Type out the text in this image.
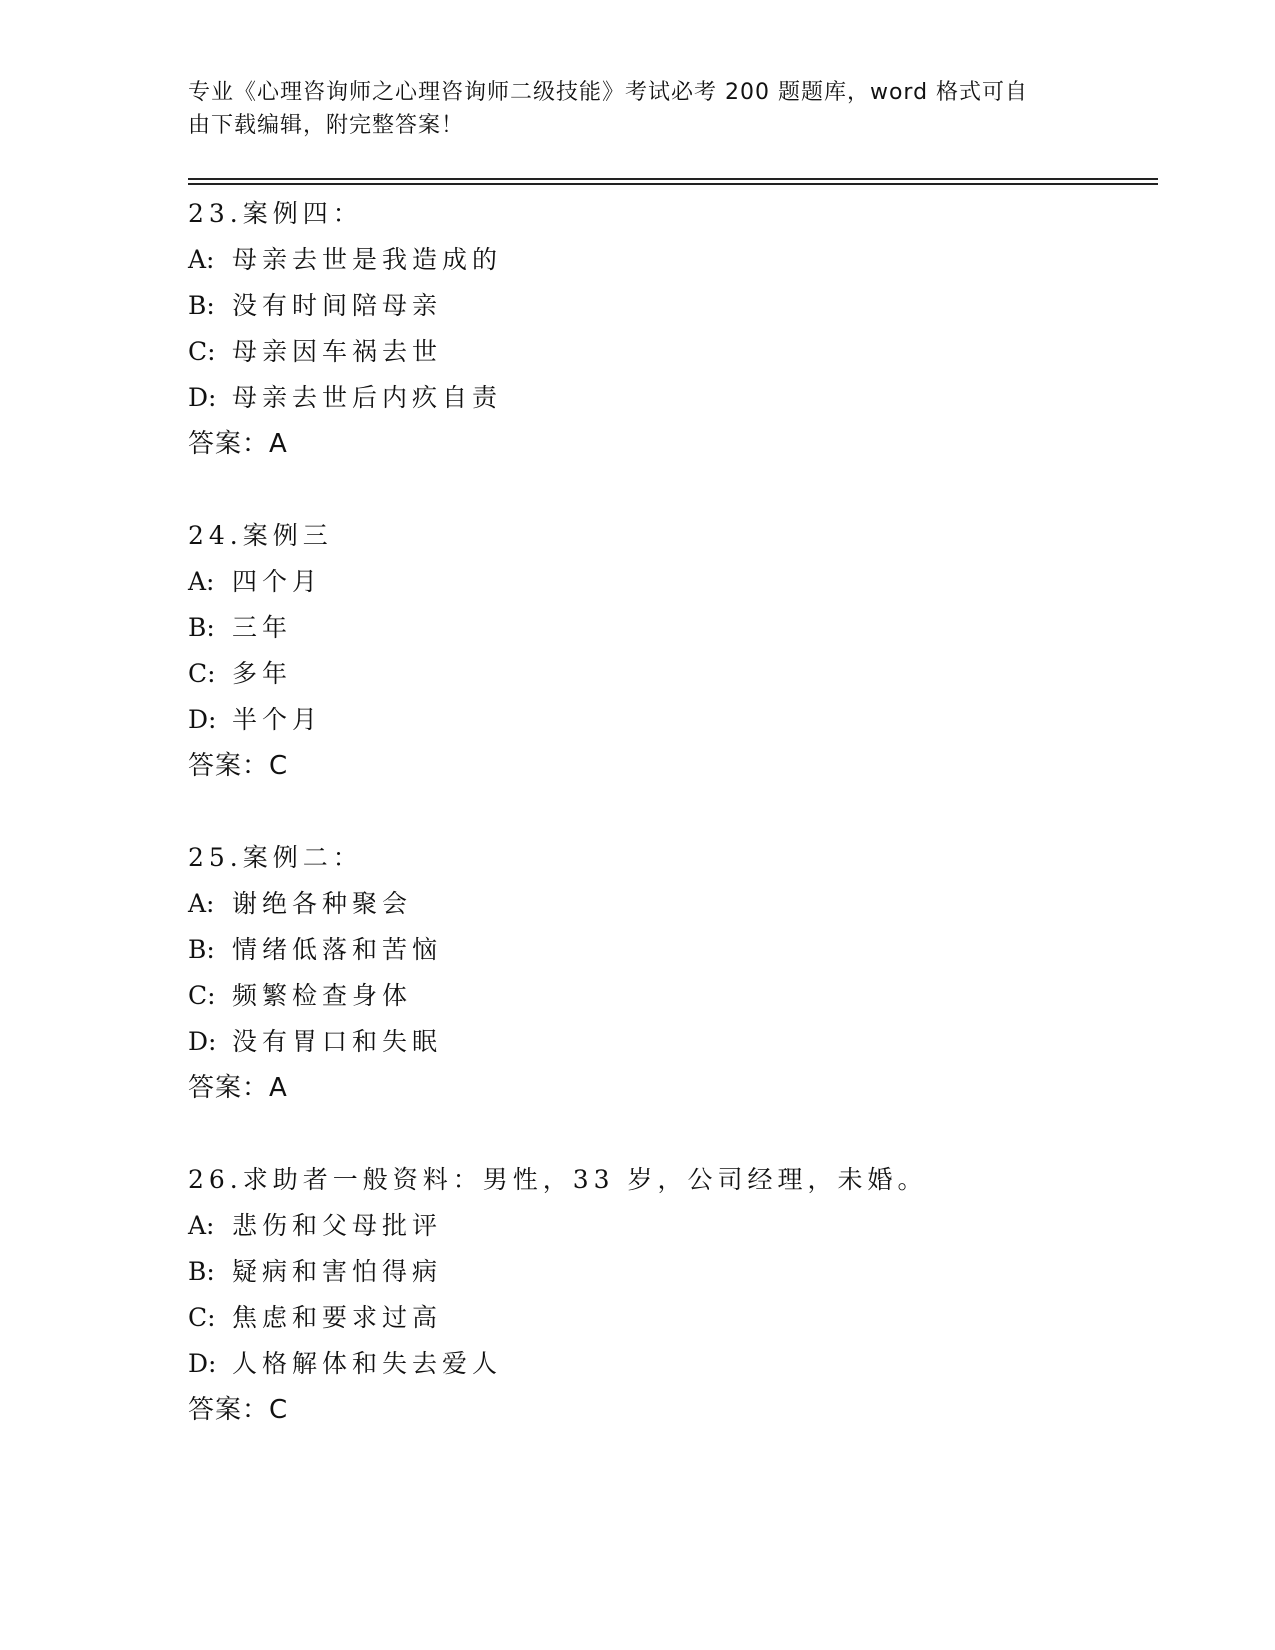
专业《心理咨询师之心理咨询师二级技能》考试必考 200 题题库，word 格式可自
由下载编辑，附完整答案！
23.案例四：
A: 母亲去世是我造成的
B: 没有时间陪母亲
C: 母亲因车祸去世
D: 母亲去世后内疚自责
答案：A
24.案例三
A: 四个月
B: 三年
C: 多年
D: 半个月
答案：C
25.案例二：
A: 谢绝各种聚会
B: 情绪低落和苦恼
C: 频繁检查身体
D: 没有胃口和失眠
答案：A
26.求助者一般资料：男性，33 岁，公司经理，未婚。
A: 悲伤和父母批评
B: 疑病和害怕得病
C: 焦虑和要求过高
D: 人格解体和失去爱人
答案：C
